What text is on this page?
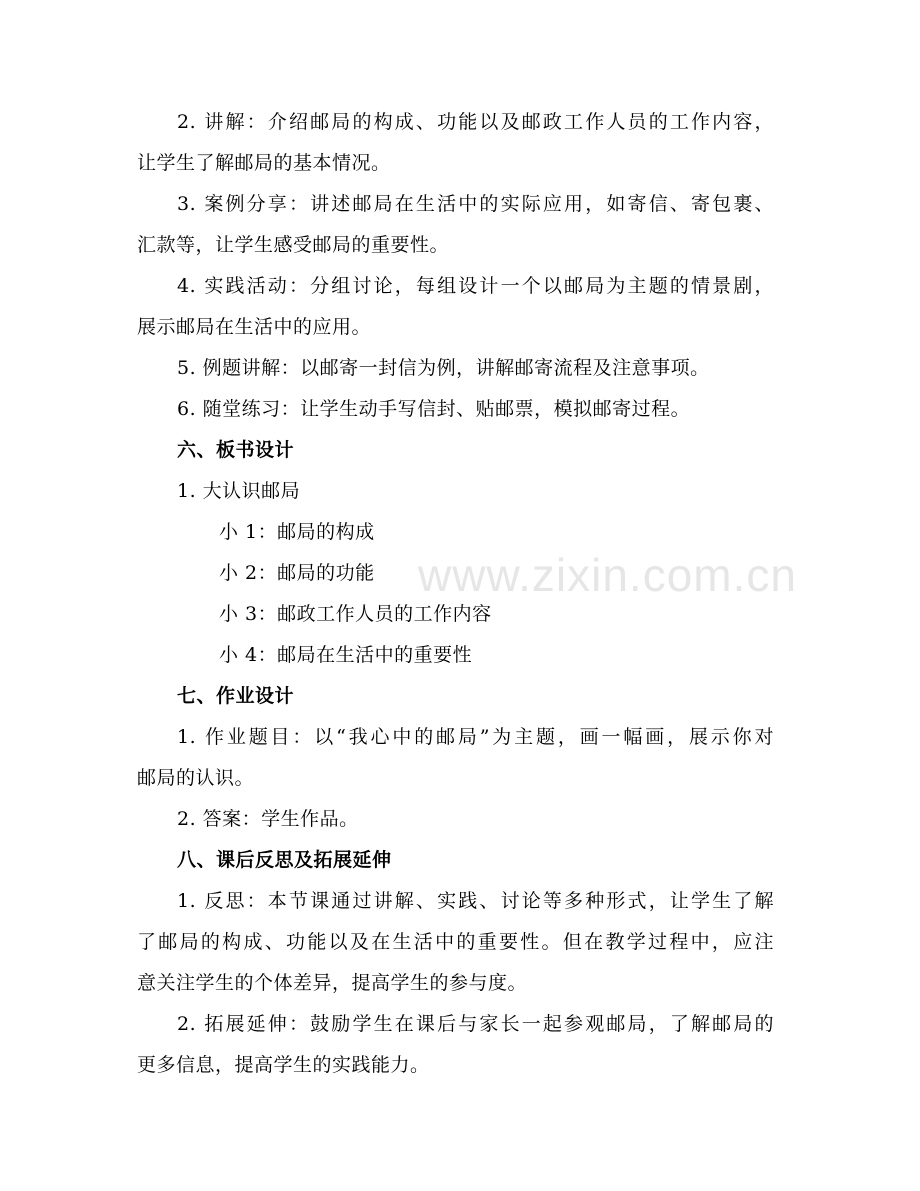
www.zixin.com.cn
2. 讲解：介绍邮局的构成、功能以及邮政工作人员的工作内容，
让学生了解邮局的基本情况。
3. 案例分享：讲述邮局在生活中的实际应用，如寄信、寄包裹、
汇款等，让学生感受邮局的重要性。
4. 实践活动：分组讨论，每组设计一个以邮局为主题的情景剧，
展示邮局在生活中的应用。
5. 例题讲解：以邮寄一封信为例，讲解邮寄流程及注意事项。
6. 随堂练习：让学生动手写信封、贴邮票，模拟邮寄过程。
六、板书设计
1. 大认识邮局
小 1：邮局的构成
小 2：邮局的功能
小 3：邮政工作人员的工作内容
小 4：邮局在生活中的重要性
七、作业设计
1. 作业题目：以“我心中的邮局”为主题，画一幅画，展示你对
邮局的认识。
2. 答案：学生作品。
八、课后反思及拓展延伸
1. 反思：本节课通过讲解、实践、讨论等多种形式，让学生了解
了邮局的构成、功能以及在生活中的重要性。但在教学过程中，应注
意关注学生的个体差异，提高学生的参与度。
2. 拓展延伸：鼓励学生在课后与家长一起参观邮局，了解邮局的
更多信息，提高学生的实践能力。
